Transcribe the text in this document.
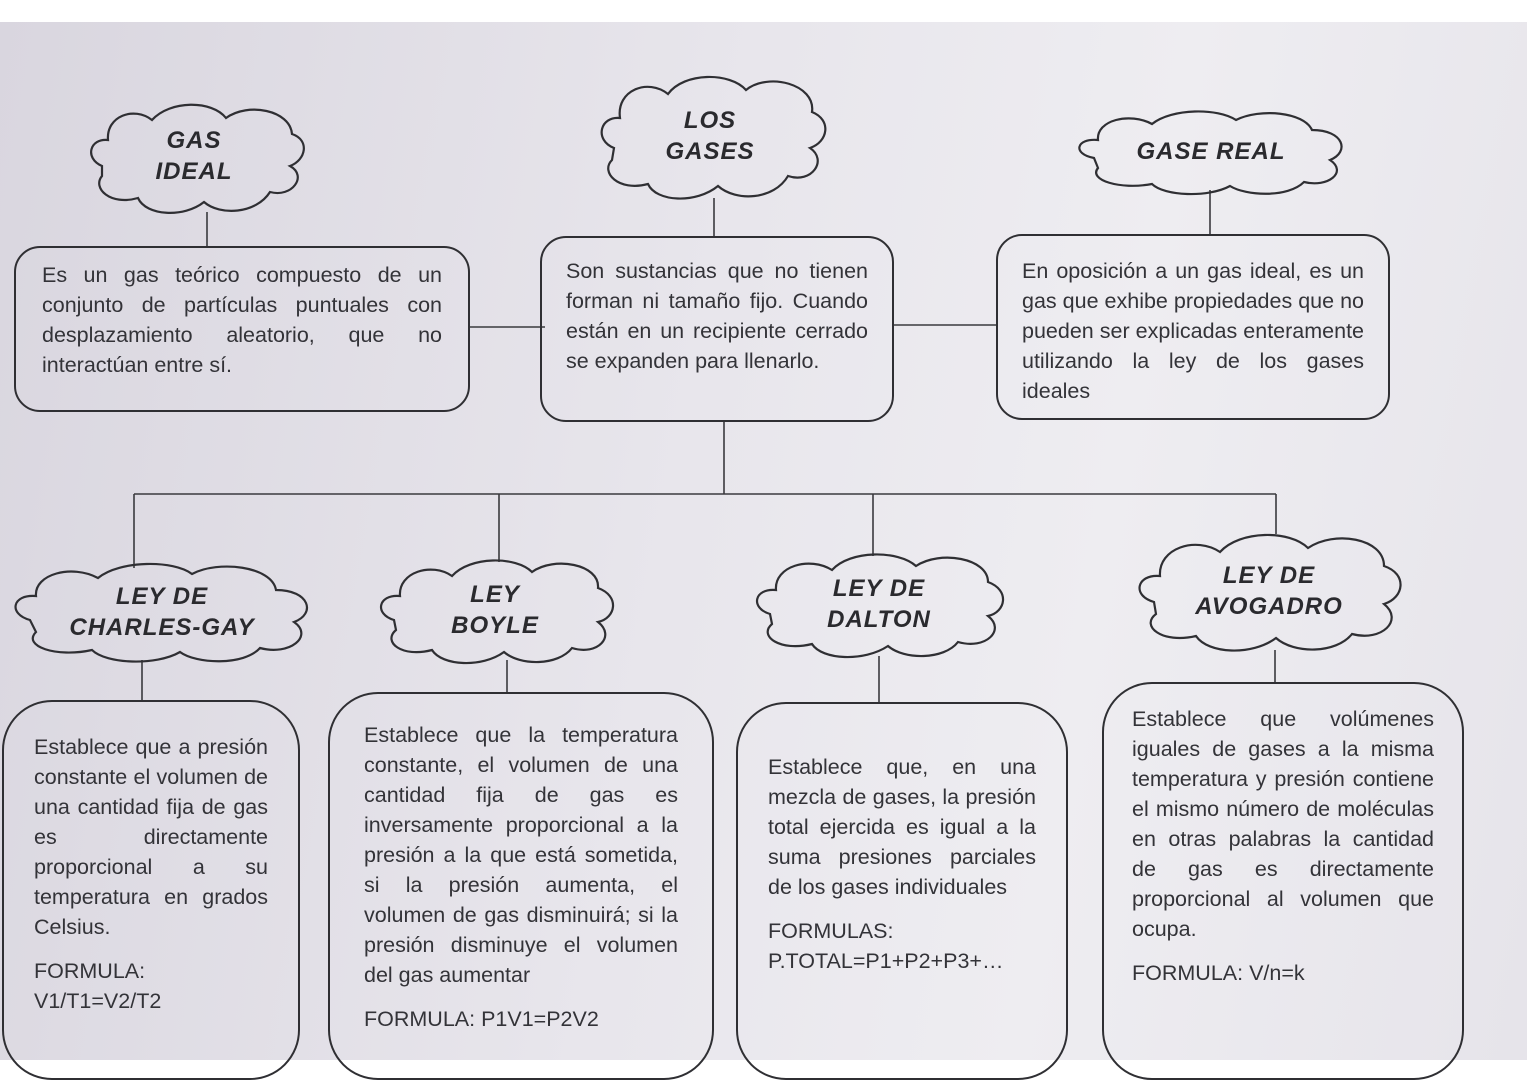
GAS
IDEAL
LOS
GASES	GASE REAL
LEY DE
CHARLES-GAY
LEY
BOYLE
LEY DE
DALTON
LEY DE
AVOGADRO

Es un gas teórico compuesto de un conjunto de partículas puntuales con desplazamiento aleatorio, que no interactúan entre sí.

Son sustancias que no tienen forman ni tamaño fijo. Cuando están en un recipiente cerrado se expanden para llenarlo.

En oposición a un gas ideal, es un gas que exhibe propiedades que no pueden ser explicadas enteramente utilizando la ley de los gases ideales

Establece que a presión constante el volumen de una cantidad fija de gas es directamente proporcional a su temperatura en grados Celsius.

FORMULA:

V1/T1=V2/T2

Establece que la temperatura constante, el volumen de una cantidad fija de gas es inversamente proporcional a la presión a la que está sometida, si la presión aumenta, el volumen de gas disminuirá; si la presión disminuye el volumen del gas aumentar

FORMULA: P1V1=P2V2

Establece que, en una mezcla de gases, la presión total ejercida es igual a la suma presiones parciales de los gases individuales

FORMULAS:

P.TOTAL=P1+P2+P3+…

Establece que volúmenes iguales de gases a la misma temperatura y presión contiene el mismo número de moléculas en otras palabras la cantidad de gas es directamente proporcional al volumen que ocupa.

FORMULA: V/n=k
